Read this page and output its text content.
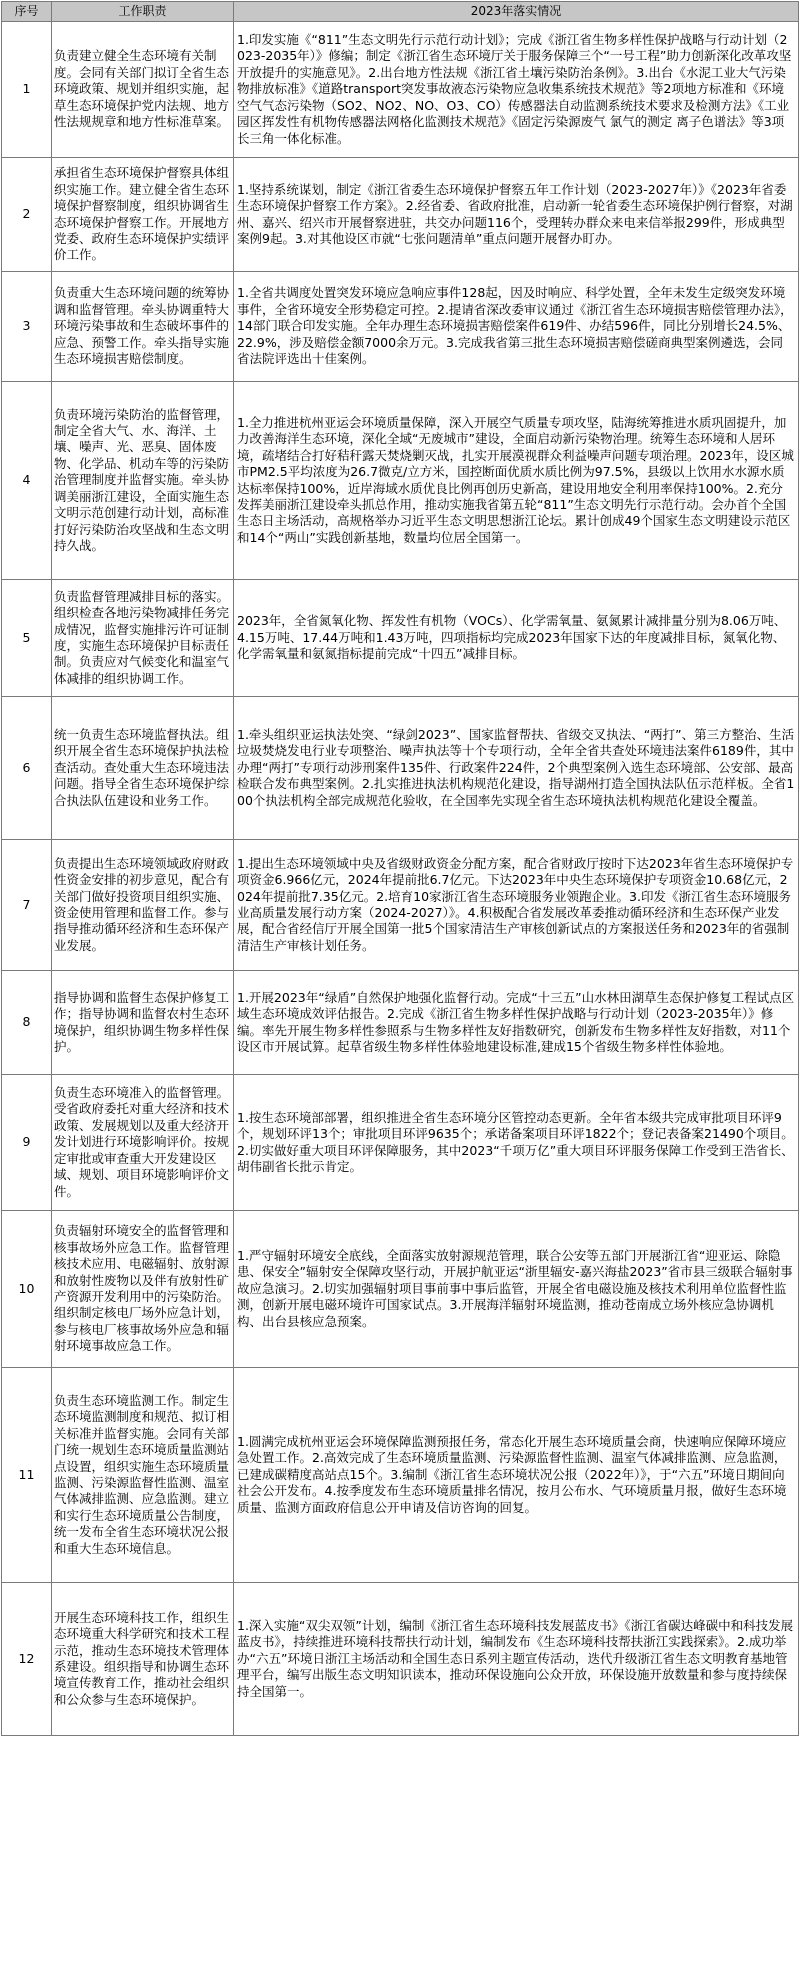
序号	工作职责	2023年落实情况
1	负责建立健全生态环境有关制度。会同有关部门拟订全省生态环境政策、规划并组织实施，起草生态环境保护党内法规、地方性法规规章和地方性标准草案。	1.印发实施《“811”生态文明先行示范行动计划》；完成《浙江省生物多样性保护战略与行动计划（2023-2035年）》修编；制定《浙江省生态环境厅关于服务保障三个“一号工程”助力创新深化改革攻坚开放提升的实施意见》。2.出台地方性法规《浙江省土壤污染防治条例》。3.出台《水泥工业大气污染物排放标准》《道路transport突发事故液态污染物应急收集系统技术规范》等2项地方标准和《环境空气气态污染物（SO2、NO2、NO、O3、CO）传感器法自动监测系统技术要求及检测方法》《工业园区挥发性有机物传感器法网格化监测技术规范》《固定污染源废气 氯气的测定 离子色谱法》等3项长三角一体化标准。
2	承担省生态环境保护督察具体组织实施工作。建立健全省生态环境保护督察制度，组织协调省生态环境保护督察工作。开展地方党委、政府生态环境保护实绩评价工作。	1.坚持系统谋划，制定《浙江省委生态环境保护督察五年工作计划（2023-2027年）》《2023年省委生态环境保护督察工作方案》。2.经省委、省政府批准，启动新一轮省委生态环境保护例行督察，对湖州、嘉兴、绍兴市开展督察进驻，共交办问题116个，受理转办群众来电来信举报299件，形成典型案例9起。3.对其他设区市就“七张问题清单”重点问题开展督办盯办。
3	负责重大生态环境问题的统筹协调和监督管理。牵头协调重特大环境污染事故和生态破坏事件的应急、预警工作。牵头指导实施生态环境损害赔偿制度。	1.全省共调度处置突发环境应急响应事件128起，因及时响应、科学处置，全年未发生定级突发环境事件，全省环境安全形势稳定可控。2.提请省深改委审议通过《浙江省生态环境损害赔偿管理办法》，14部门联合印发实施。全年办理生态环境损害赔偿案件619件、办结596件，同比分别增长24.5%、22.9%，涉及赔偿金额7000余万元。3.完成我省第三批生态环境损害赔偿磋商典型案例遴选，会同省法院评选出十佳案例。
4	负责环境污染防治的监督管理，制定全省大气、水、海洋、土壤、噪声、光、恶臭、固体废物、化学品、机动车等的污染防治管理制度并监督实施。牵头协调美丽浙江建设，全面实施生态文明示范创建行动计划，高标准打好污染防治攻坚战和生态文明持久战。	1.全力推进杭州亚运会环境质量保障，深入开展空气质量专项攻坚，陆海统筹推进水质巩固提升，加力改善海洋生态环境，深化全域“无废城市”建设，全面启动新污染物治理。统筹生态环境和人居环境，疏堵结合打好秸秆露天焚烧剿灭战，扎实开展漠视群众利益噪声问题专项治理。2023年，设区城市PM2.5平均浓度为26.7微克/立方米，国控断面优质水质比例为97.5%，县级以上饮用水水源水质达标率保持100%，近岸海域水质优良比例再创历史新高，建设用地安全利用率保持100%。2.充分发挥美丽浙江建设牵头抓总作用，推动实施我省第五轮“811”生态文明先行示范行动。会办首个全国生态日主场活动，高规格举办习近平生态文明思想浙江论坛。累计创成49个国家生态文明建设示范区和14个“两山”实践创新基地，数量均位居全国第一。
5	负责监督管理减排目标的落实。组织检查各地污染物减排任务完成情况，监督实施排污许可证制度，实施生态环境保护目标责任制。负责应对气候变化和温室气体减排的组织协调工作。	2023年，全省氮氧化物、挥发性有机物（VOCs）、化学需氧量、氨氮累计减排量分别为8.06万吨、4.15万吨、17.44万吨和1.43万吨，四项指标均完成2023年国家下达的年度减排目标，氮氧化物、化学需氧量和氨氮指标提前完成“十四五”减排目标。
6	统一负责生态环境监督执法。组织开展全省生态环境保护执法检查活动。查处重大生态环境违法问题。指导全省生态环境保护综合执法队伍建设和业务工作。	1.牵头组织亚运执法处突、“绿剑2023”、国家监督帮扶、省级交叉执法、“两打”、第三方整治、生活垃圾焚烧发电行业专项整治、噪声执法等十个专项行动，全年全省共查处环境违法案件6189件，其中办理“两打”专项行动涉刑案件135件、行政案件224件，2个典型案例入选生态环境部、公安部、最高检联合发布典型案例。2.扎实推进执法机构规范化建设，指导湖州打造全国执法队伍示范样板。全省100个执法机构全部完成规范化验收，在全国率先实现全省生态环境执法机构规范化建设全覆盖。
7	负责提出生态环境领域政府财政性资金安排的初步意见，配合有关部门做好投资项目组织实施、资金使用管理和监督工作。参与指导推动循环经济和生态环保产业发展。	1.提出生态环境领域中央及省级财政资金分配方案，配合省财政厅按时下达2023年省生态环境保护专项资金6.966亿元，2024年提前批6.7亿元。下达2023年中央生态环境保护专项资金10.68亿元，2024年提前批7.35亿元。2.培育10家浙江省生态环境服务业领跑企业。3.印发《浙江省生态环境服务业高质量发展行动方案（2024-2027）》。4.积极配合省发展改革委推动循环经济和生态环保产业发展，配合省经信厅开展全国第一批5个国家清洁生产审核创新试点的方案报送任务和2023年的省强制清洁生产审核计划任务。
8	指导协调和监督生态保护修复工作；指导协调和监督农村生态环境保护，组织协调生物多样性保护。	1.开展2023年“绿盾”自然保护地强化监督行动。完成“十三五”山水林田湖草生态保护修复工程试点区域生态环境成效评估报告。2.完成《浙江省生物多样性保护战略与行动计划（2023-2035年）》修编。率先开展生物多样性参照系与生物多样性友好指数研究，创新发布生物多样性友好指数，对11个设区市开展试算。起草省级生物多样性体验地建设标准,建成15个省级生物多样性体验地。
9	负责生态环境准入的监督管理。受省政府委托对重大经济和技术政策、发展规划以及重大经济开发计划进行环境影响评价。按规定审批或审查重大开发建设区域、规划、项目环境影响评价文件。	1.按生态环境部部署，组织推进全省生态环境分区管控动态更新。全年省本级共完成审批项目环评9个，规划环评13个；审批项目环评9635个；承诺备案项目环评1822个；登记表备案21490个项目。2.切实做好重大项目环评保障服务，其中2023“千项万亿”重大项目环评服务保障工作受到王浩省长、胡伟副省长批示肯定。
10	负责辐射环境安全的监督管理和核事故场外应急工作。监督管理核技术应用、电磁辐射、放射源和放射性废物以及伴有放射性矿产资源开发利用中的污染防治。组织制定核电厂场外应急计划，参与核电厂核事故场外应急和辐射环境事故应急工作。	1.严守辐射环境安全底线，全面落实放射源规范管理，联合公安等五部门开展浙江省“迎亚运、除隐患、保安全”辐射安全保障攻坚行动，开展护航亚运“浙里辐安-嘉兴海盐2023”省市县三级联合辐射事故应急演习。2.切实加强辐射项目事前事中事后监管，开展全省电磁设施及核技术利用单位监督性监测，创新开展电磁环境许可国家试点。3.开展海洋辐射环境监测，推动苍南成立场外核应急协调机构、出台县核应急预案。
11	负责生态环境监测工作。制定生态环境监测制度和规范、拟订相关标准并监督实施。会同有关部门统一规划生态环境质量监测站点设置，组织实施生态环境质量监测、污染源监督性监测、温室气体减排监测、应急监测。建立和实行生态环境质量公告制度，统一发布全省生态环境状况公报和重大生态环境信息。	1.圆满完成杭州亚运会环境保障监测预报任务，常态化开展生态环境质量会商，快速响应保障环境应急处置工作。2.高效完成了生态环境质量监测、污染源监督性监测、温室气体减排监测、应急监测，已建成碳精度高站点15个。3.编制《浙江省生态环境状况公报（2022年）》，于“六五”环境日期间向社会公开发布。4.按季度发布生态环境质量排名情况，按月公布水、气环境质量月报，做好生态环境质量、监测方面政府信息公开申请及信访咨询的回复。
12	开展生态环境科技工作，组织生态环境重大科学研究和技术工程示范，推动生态环境技术管理体系建设。组织指导和协调生态环境宣传教育工作，推动社会组织和公众参与生态环境保护。	1.深入实施“双尖双领”计划，编制《浙江省生态环境科技发展蓝皮书》《浙江省碳达峰碳中和科技发展蓝皮书》，持续推进环境科技帮扶行动计划，编制发布《生态环境科技帮扶浙江实践探索》。2.成功举办“六五”环境日浙江主场活动和全国生态日系列主题宣传活动，迭代升级浙江省生态文明教育基地管理平台，编写出版生态文明知识读本，推动环保设施向公众开放，环保设施开放数量和参与度持续保持全国第一。
